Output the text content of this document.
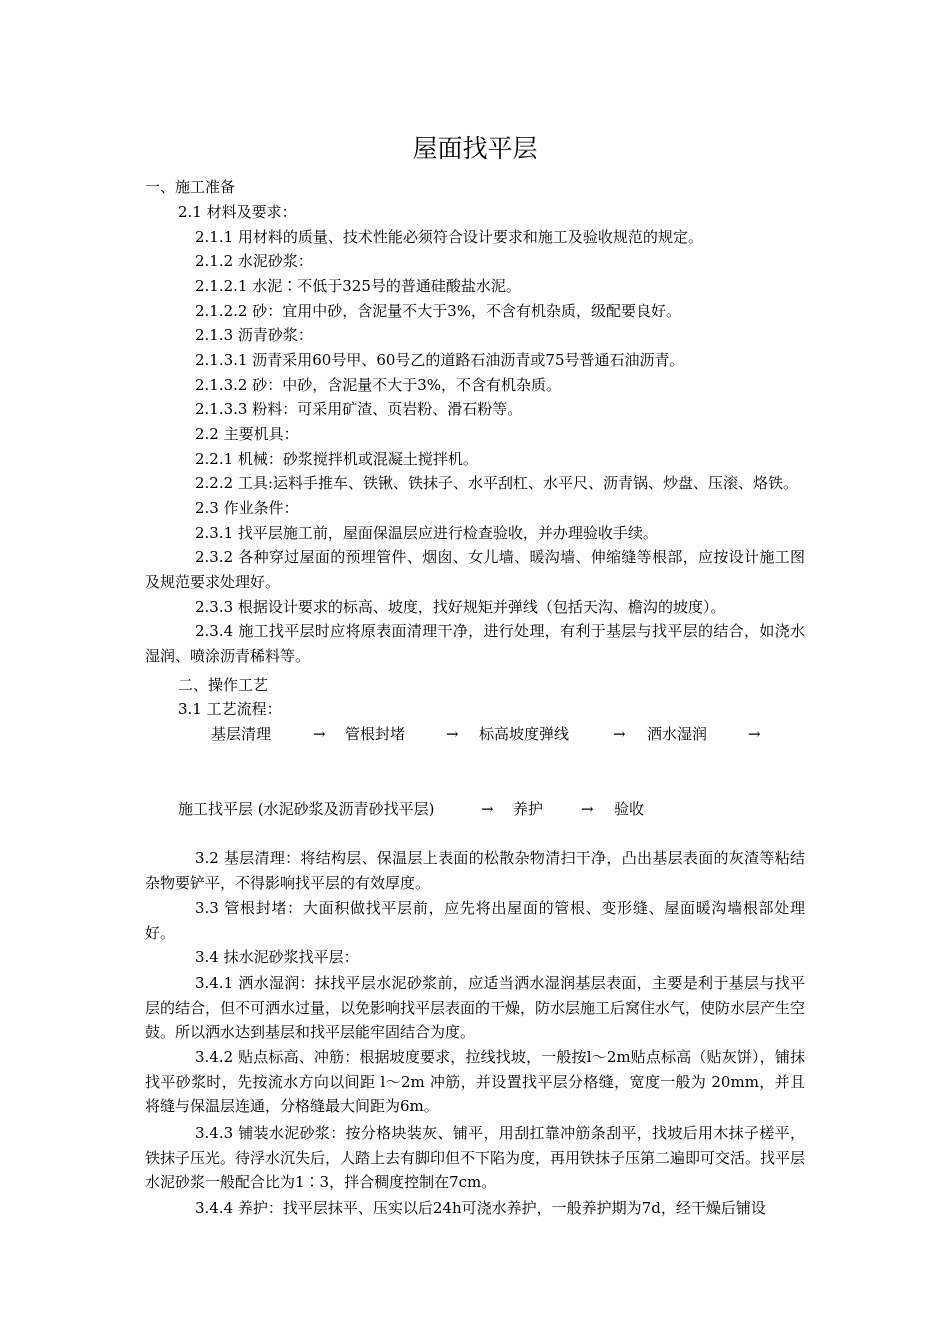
屋面找平层
一、施工准备
2.1 材料及要求：
2.1.1 用材料的质量、技术性能必须符合设计要求和施工及验收规范的规定。
2.1.2 水泥砂浆：
2.1.2.1 水泥∶不低于325号的普通硅酸盐水泥。
2.1.2.2 砂：宜用中砂，含泥量不大于3%，不含有机杂质，级配要良好。
2.1.3 沥青砂浆：
2.1.3.1 沥青采用60号甲、60号乙的道路石油沥青或75号普通石油沥青。
2.1.3.2 砂：中砂，含泥量不大于3%，不含有机杂质。
2.1.3.3 粉料：可采用矿渣、页岩粉、滑石粉等。
2.2 主要机具：
2.2.1 机械：砂浆搅拌机或混凝土搅拌机。
2.2.2 工具:运料手推车、铁锹、铁抹子、水平刮杠、水平尺、沥青锅、炒盘、压滚、烙铁。
2.3 作业条件：
2.3.1 找平层施工前，屋面保温层应进行检查验收，并办理验收手续。
2.3.2 各种穿过屋面的预埋管件、烟囱、女儿墙、暖沟墙、伸缩缝等根部，应按设计施工图及规范要求处理好。
2.3.3 根据设计要求的标高、坡度，找好规矩并弹线（包括天沟、檐沟的坡度）。
2.3.4 施工找平层时应将原表面清理干净，进行处理，有利于基层与找平层的结合，如浇水湿润、喷涂沥青稀料等。
二、操作工艺
3.1 工艺流程：
基层清理	→ 管根封堵	→ 标高坡度弹线	→ 洒水湿润	→
施工找平层 (水泥砂浆及沥青砂找平层)	→ 养护	→ 验收
3.2 基层清理：将结构层、保温层上表面的松散杂物清扫干净，凸出基层表面的灰渣等粘结杂物要铲平，不得影响找平层的有效厚度。
3.3 管根封堵：大面积做找平层前，应先将出屋面的管根、变形缝、屋面暖沟墙根部处理好。
3.4 抹水泥砂浆找平层：
3.4.1 洒水湿润：抹找平层水泥砂浆前，应适当洒水湿润基层表面，主要是利于基层与找平层的结合，但不可洒水过量，以免影响找平层表面的干燥，防水层施工后窝住水气，使防水层产生空鼓。所以洒水达到基层和找平层能牢固结合为度。
3.4.2 贴点标高、冲筋：根据坡度要求，拉线找坡，一般按l～2m贴点标高（贴灰饼），铺抹找平砂浆时，先按流水方向以间距 l～2m 冲筋，并设置找平层分格缝，宽度一般为 20mm，并且将缝与保温层连通，分格缝最大间距为6m。
3.4.3 铺装水泥砂浆：按分格块装灰、铺平，用刮扛靠冲筋条刮平，找坡后用木抹子槎平，铁抹子压光。待浮水沉失后，人踏上去有脚印但不下陷为度，再用铁抹子压第二遍即可交活。找平层水泥砂浆一般配合比为1∶3，拌合稠度控制在7cm。
3.4.4 养护：找平层抹平、压实以后24h可浇水养护，一般养护期为7d，经干燥后铺设
